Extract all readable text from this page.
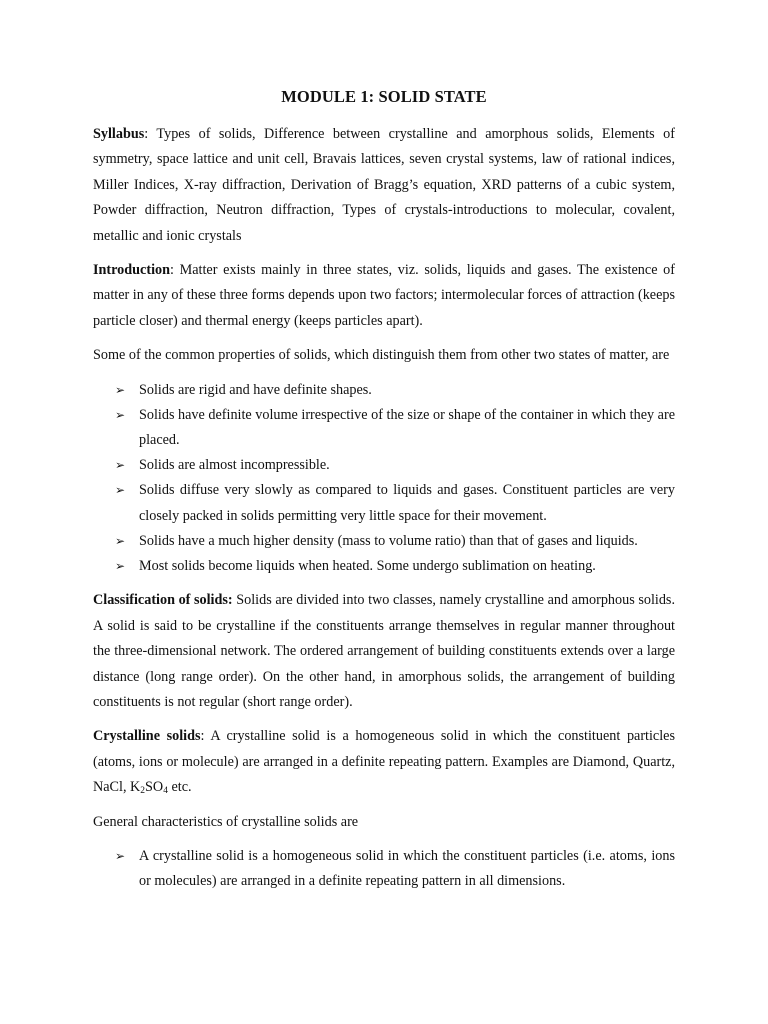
MODULE 1: SOLID STATE

Syllabus: Types of solids, Difference between crystalline and amorphous solids, Elements of symmetry, space lattice and unit cell, Bravais lattices, seven crystal systems, law of rational indices, Miller Indices, X-ray diffraction, Derivation of Bragg’s equation, XRD patterns of a cubic system, Powder diffraction, Neutron diffraction, Types of crystals-introductions to molecular, covalent, metallic and ionic crystals

Introduction: Matter exists mainly in three states, viz. solids, liquids and gases. The existence of matter in any of these three forms depends upon two factors; intermolecular forces of attraction (keeps particle closer) and thermal energy (keeps particles apart).

Some of the common properties of solids, which distinguish them from other two states of matter, are

➢ Solids are rigid and have definite shapes.
➢ Solids have definite volume irrespective of the size or shape of the container in which they are placed.
➢ Solids are almost incompressible.
➢ Solids diffuse very slowly as compared to liquids and gases. Constituent particles are very closely packed in solids permitting very little space for their movement.
➢ Solids have a much higher density (mass to volume ratio) than that of gases and liquids.
➢ Most solids become liquids when heated. Some undergo sublimation on heating.

Classification of solids: Solids are divided into two classes, namely crystalline and amorphous solids. A solid is said to be crystalline if the constituents arrange themselves in regular manner throughout the three-dimensional network. The ordered arrangement of building constituents extends over a large distance (long range order). On the other hand, in amorphous solids, the arrangement of building constituents is not regular (short range order).

Crystalline solids: A crystalline solid is a homogeneous solid in which the constituent particles (atoms, ions or molecule) are arranged in a definite repeating pattern. Examples are Diamond, Quartz, NaCl, $K_2SO_4$ etc.

General characteristics of crystalline solids are

➢ A crystalline solid is a homogeneous solid in which the constituent particles (i.e. atoms, ions or molecules) are arranged in a definite repeating pattern in all dimensions.
